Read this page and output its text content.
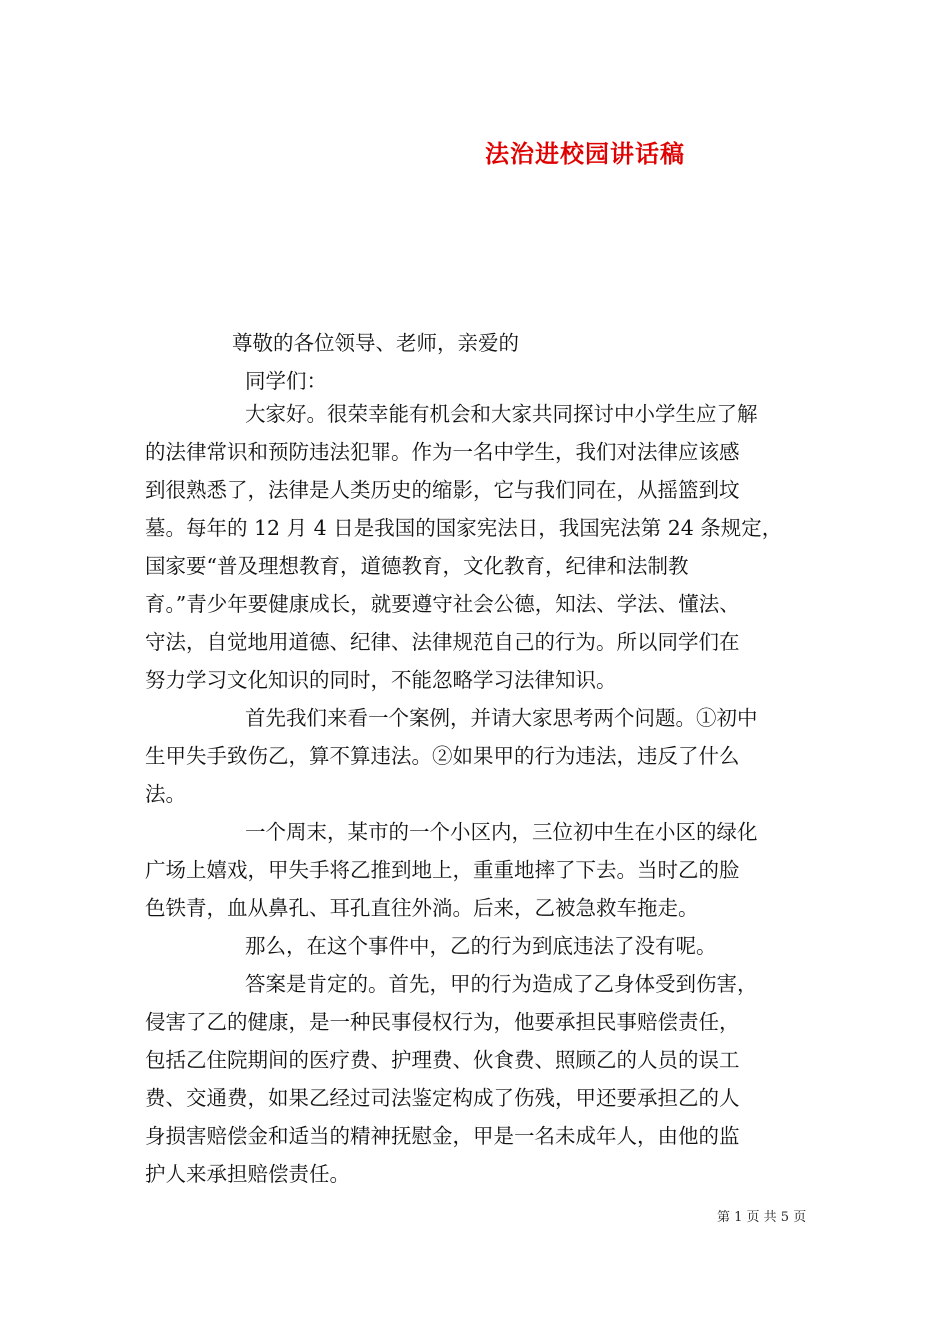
法治进校园讲话稿
尊敬的各位领导、老师，亲爱的
同学们：
大家好。很荣幸能有机会和大家共同探讨中小学生应了解
的法律常识和预防违法犯罪。作为一名中学生，我们对法律应该感
到很熟悉了，法律是人类历史的缩影，它与我们同在，从摇篮到坟
墓。每年的 12 月 4 日是我国的国家宪法日，我国宪法第 24 条规定，
国家要“普及理想教育，道德教育，文化教育，纪律和法制教
育。”青少年要健康成长，就要遵守社会公德，知法、学法、懂法、
守法，自觉地用道德、纪律、法律规范自己的行为。所以同学们在
努力学习文化知识的同时，不能忽略学习法律知识。
首先我们来看一个案例，并请大家思考两个问题。①初中
生甲失手致伤乙，算不算违法。②如果甲的行为违法，违反了什么
法。
一个周末，某市的一个小区内，三位初中生在小区的绿化
广场上嬉戏，甲失手将乙推到地上，重重地摔了下去。当时乙的脸
色铁青，血从鼻孔、耳孔直往外淌。后来，乙被急救车拖走。
那么，在这个事件中，乙的行为到底违法了没有呢。
答案是肯定的。首先，甲的行为造成了乙身体受到伤害，
侵害了乙的健康，是一种民事侵权行为，他要承担民事赔偿责任，
包括乙住院期间的医疗费、护理费、伙食费、照顾乙的人员的误工
费、交通费，如果乙经过司法鉴定构成了伤残，甲还要承担乙的人
身损害赔偿金和适当的精神抚慰金，甲是一名未成年人，由他的监
护人来承担赔偿责任。
第 1 页 共 5 页
